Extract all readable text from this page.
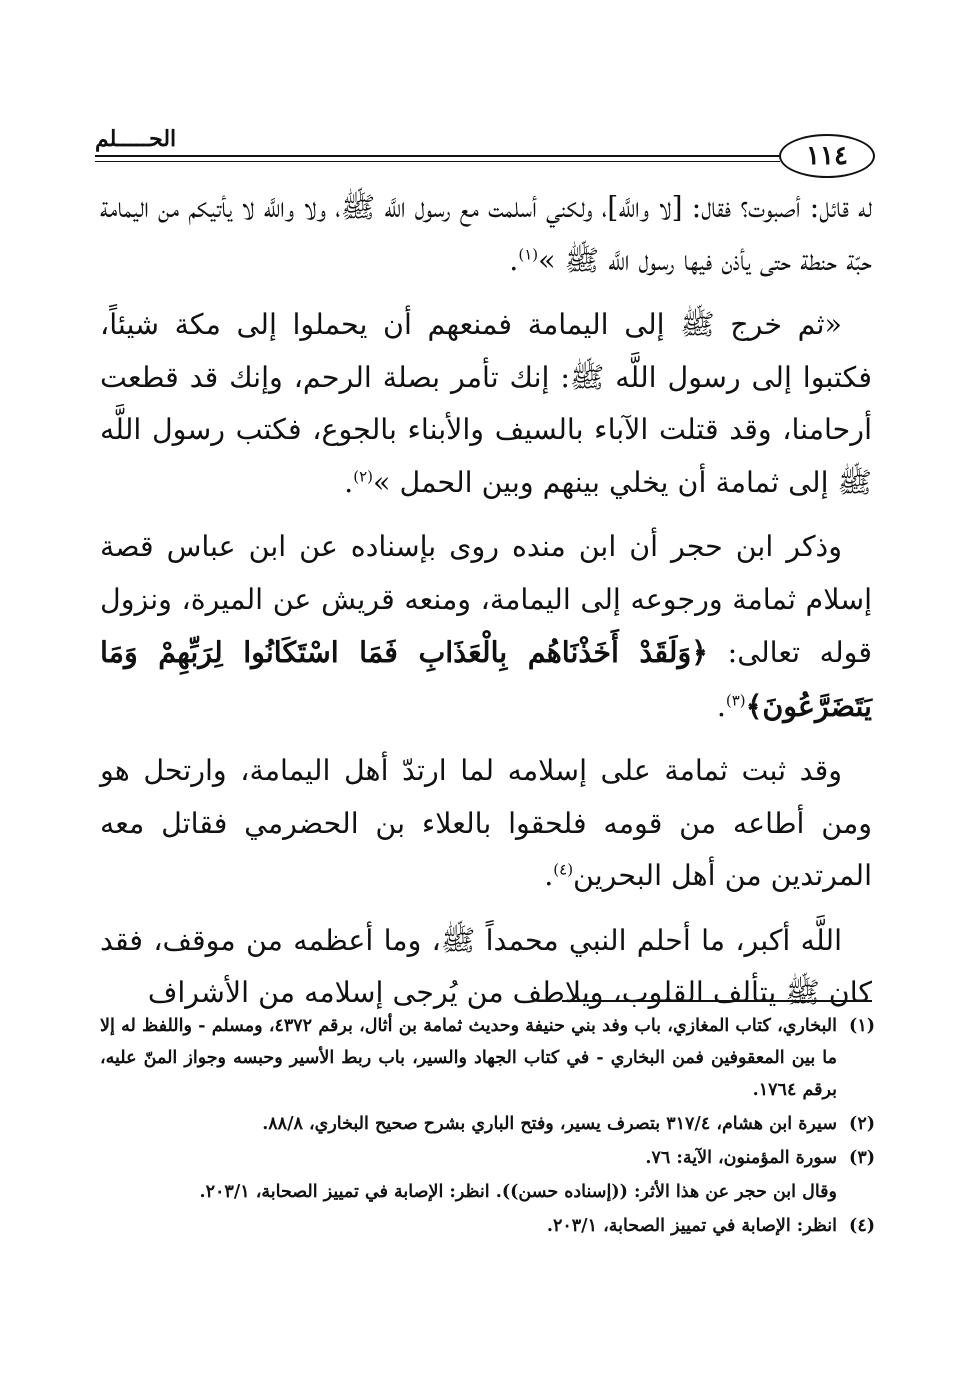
الحـــــلم
١١٤

له قائل: أصبوت؟ فقال: [لا واللَّه]، ولكني أسلمت مع رسول اللَّه ﷺ، ولا واللَّه لا يأتيكم من اليمامة حبّة حنطة حتى يأذن فيها رسول اللَّه ﷺ »$^{(١)}$.

«ثم خرج ﷺ إلى اليمامة فمنعهم أن يحملوا إلى مكة شيئاً، فكتبوا إلى رسول اللَّه ﷺ: إنك تأمر بصلة الرحم، وإنك قد قطعت أرحامنا، وقد قتلت الآباء بالسيف والأبناء بالجوع، فكتب رسول اللَّه ﷺ إلى ثمامة أن يخلي بينهم وبين الحمل »$^{(٢)}$.

وذكر ابن حجر أن ابن منده روى بإسناده عن ابن عباس قصة إسلام ثمامة ورجوعه إلى اليمامة، ومنعه قريش عن الميرة، ونزول قوله تعالى: ﴿وَلَقَدْ أَخَذْنَاهُم بِالْعَذَابِ فَمَا اسْتَكَانُوا لِرَبِّهِمْ وَمَا يَتَضَرَّعُونَ﴾$^{(٣)}$.

وقد ثبت ثمامة على إسلامه لما ارتدّ أهل اليمامة، وارتحل هو ومن أطاعه من قومه فلحقوا بالعلاء بن الحضرمي فقاتل معه المرتدين من أهل البحرين$^{(٤)}$.

اللَّه أكبر، ما أحلم النبي محمداً ﷺ، وما أعظمه من موقف، فقد كان ﷺ يتألف القلوب، ويلاطف من يُرجى إسلامه من الأشراف

(١)
البخاري، كتاب المغازي، باب وفد بني حنيفة وحديث ثمامة بن أثال، برقم ٤٣٧٢، ومسلم - واللفظ له إلا ما بين المعقوفين فمن البخاري - في كتاب الجهاد والسير، باب ربط الأسير وحبسه وجواز المنّ عليه، برقم ١٧٦٤.
(٢)
سيرة ابن هشام، ٣١٧/٤ بتصرف يسير، وفتح الباري بشرح صحيح البخاري، ٨٨/٨.
(٣)
سورة المؤمنون، الآية: ٧٦.
وقال ابن حجر عن هذا الأثر: ((إسناده حسن)). انظر: الإصابة في تمييز الصحابة، ٢٠٣/١.
(٤)
انظر: الإصابة في تمييز الصحابة، ٢٠٣/١.
